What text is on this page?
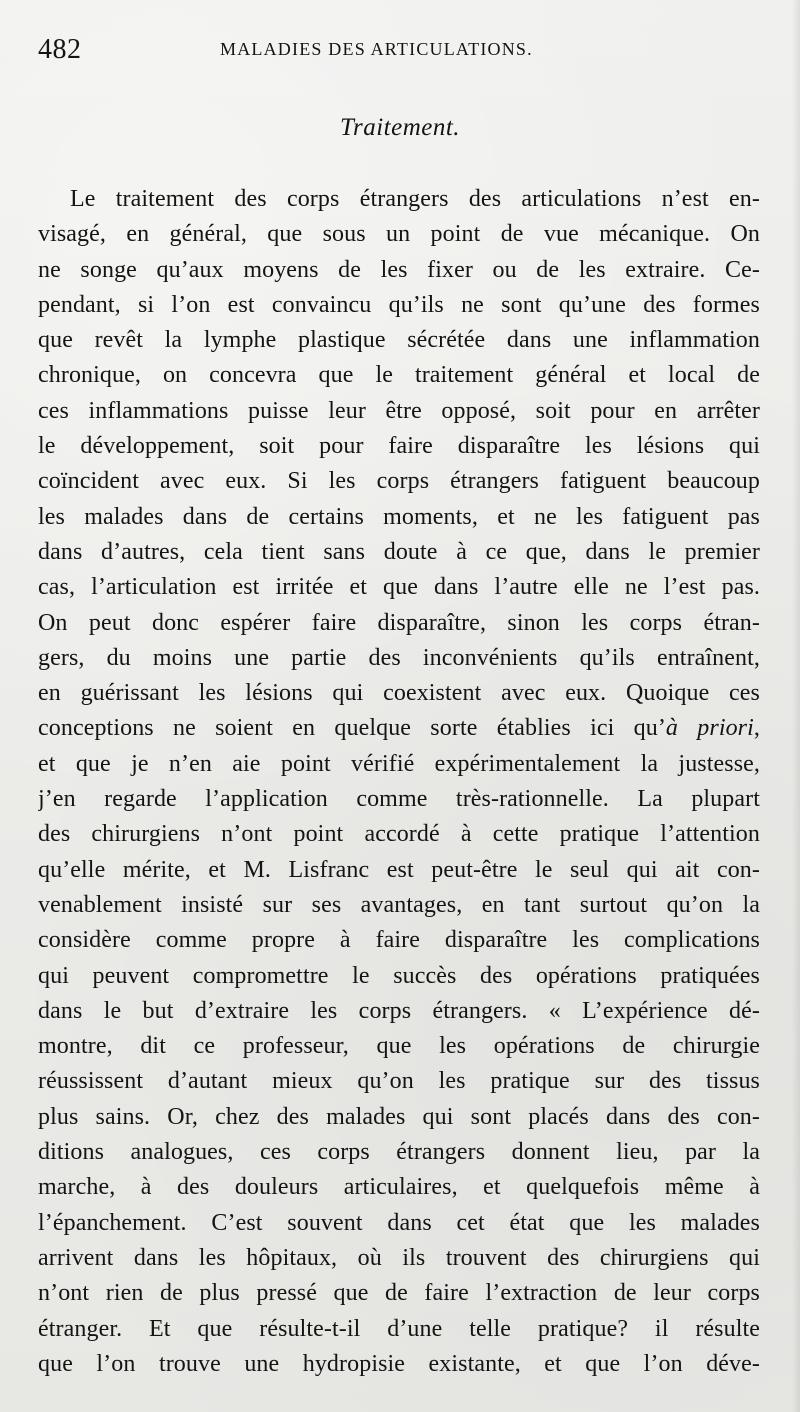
482	MALADIES DES ARTICULATIONS.
Traitement.
Le traitement des corps étrangers des articulations n’est en-
visagé, en général, que sous un point de vue mécanique. On
ne songe qu’aux moyens de les fixer ou de les extraire. Ce-
pendant, si l’on est convaincu qu’ils ne sont qu’une des formes
que revêt la lymphe plastique sécrétée dans une inflammation
chronique, on concevra que le traitement général et local de
ces inflammations puisse leur être opposé, soit pour en arrêter
le développement, soit pour faire disparaître les lésions qui
coïncident avec eux. Si les corps étrangers fatiguent beaucoup
les malades dans de certains moments, et ne les fatiguent pas
dans d’autres, cela tient sans doute à ce que, dans le premier
cas, l’articulation est irritée et que dans l’autre elle ne l’est pas.
On peut donc espérer faire disparaître, sinon les corps étran-
gers, du moins une partie des inconvénients qu’ils entraînent,
en guérissant les lésions qui coexistent avec eux. Quoique ces
conceptions ne soient en quelque sorte établies ici qu’à priori,
et que je n’en aie point vérifié expérimentalement la justesse,
j’en regarde l’application comme très-rationnelle. La plupart
des chirurgiens n’ont point accordé à cette pratique l’attention
qu’elle mérite, et M. Lisfranc est peut-être le seul qui ait con-
venablement insisté sur ses avantages, en tant surtout qu’on la
considère comme propre à faire disparaître les complications
qui peuvent compromettre le succès des opérations pratiquées
dans le but d’extraire les corps étrangers. « L’expérience dé-
montre, dit ce professeur, que les opérations de chirurgie
réussissent d’autant mieux qu’on les pratique sur des tissus
plus sains. Or, chez des malades qui sont placés dans des con-
ditions analogues, ces corps étrangers donnent lieu, par la
marche, à des douleurs articulaires, et quelquefois même à
l’épanchement. C’est souvent dans cet état que les malades
arrivent dans les hôpitaux, où ils trouvent des chirurgiens qui
n’ont rien de plus pressé que de faire l’extraction de leur corps
étranger. Et que résulte-t-il d’une telle pratique? il résulte
que l’on trouve une hydropisie existante, et que l’on déve-
